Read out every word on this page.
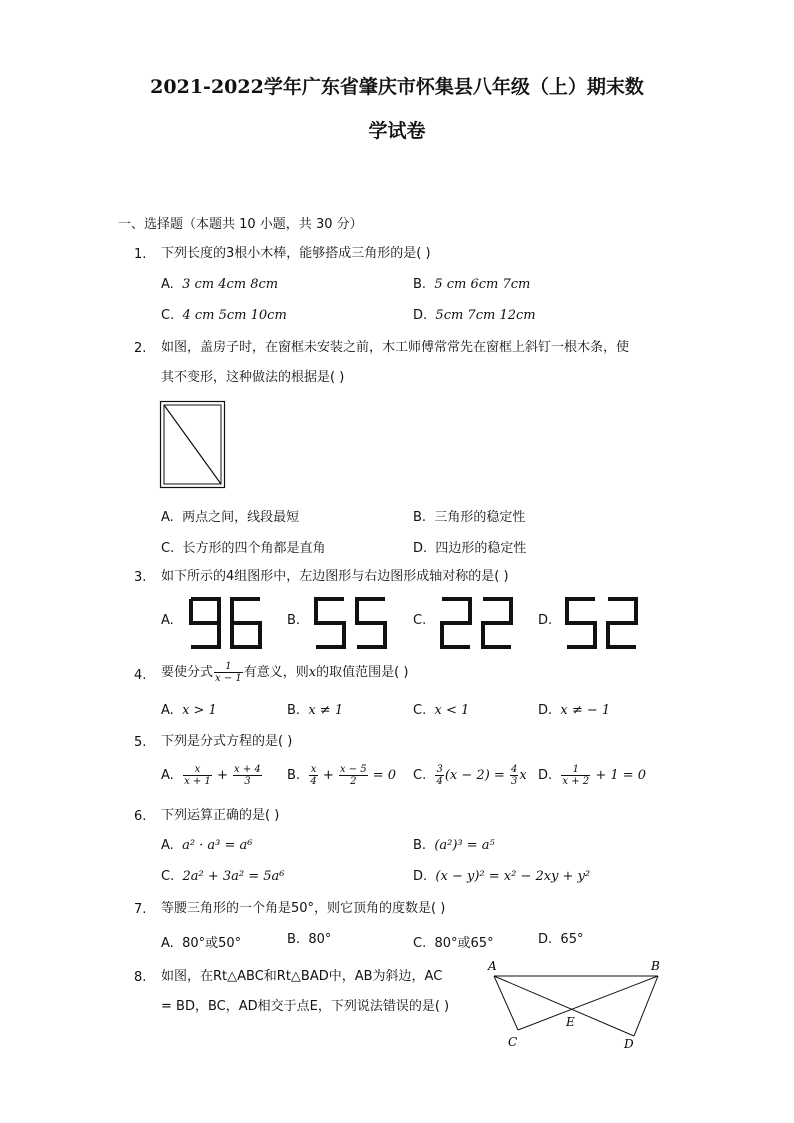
2021-2022学年广东省肇庆市怀集县八年级（上）期末数
学试卷
一、选择题（本题共 10 小题，共 30 分）
1. 下列长度的3根小木棒，能够搭成三角形的是( )
A. 3 cm 4cm 8cm	B. 5 cm 6cm 7cm
C. 4 cm 5cm 10cm	D. 5cm 7cm 12cm
2. 如图，盖房子时，在窗框未安装之前，木工师傅常常先在窗框上斜钉一根木条，使
其不变形，这种做法的根据是( )
A. 两点之间，线段最短	B. 三角形的稳定性
C. 长方形的四个角都是直角	D. 四边形的稳定性
3. 如下所示的4组图形中，左边图形与右边图形成轴对称的是( )
A.	B.	C.	D.
4. 要使分式 $\frac{1}{x - 1}$ 有意义，则x的取值范围是( )
A. x > 1	B. x ≠ 1	C. x < 1	D. x ≠ − 1
5. 下列是分式方程的是( )
A. $\frac{x}{x + 1} + \frac{x + 4}{3} B$. $\frac{x}{4} + \frac{x - 5}{2} = 0$ C. $\frac{3}{4} (x - 2) = \frac{4}{3}$ x D. $\frac{1}{x + 2} + 1 = 0$
6. 下列运算正确的是( )
A. a² · a³ = a⁶	B. (a²)³ = a⁵
C. 2a² + 3a² = 5a⁶	D. (x − y)² = x² − 2xy + y²
7. 等腰三角形的一个角是50°，则它顶角的度数是( )
A. 80°或50°	B. 80°	C. 80°或65°	D. 65°
8. 如图，在Rt△ABC和Rt△BAD中，AB为斜边，AC
= BD，BC，AD相交于点E，下列说法错误的是( )
A	B
C	D
E
